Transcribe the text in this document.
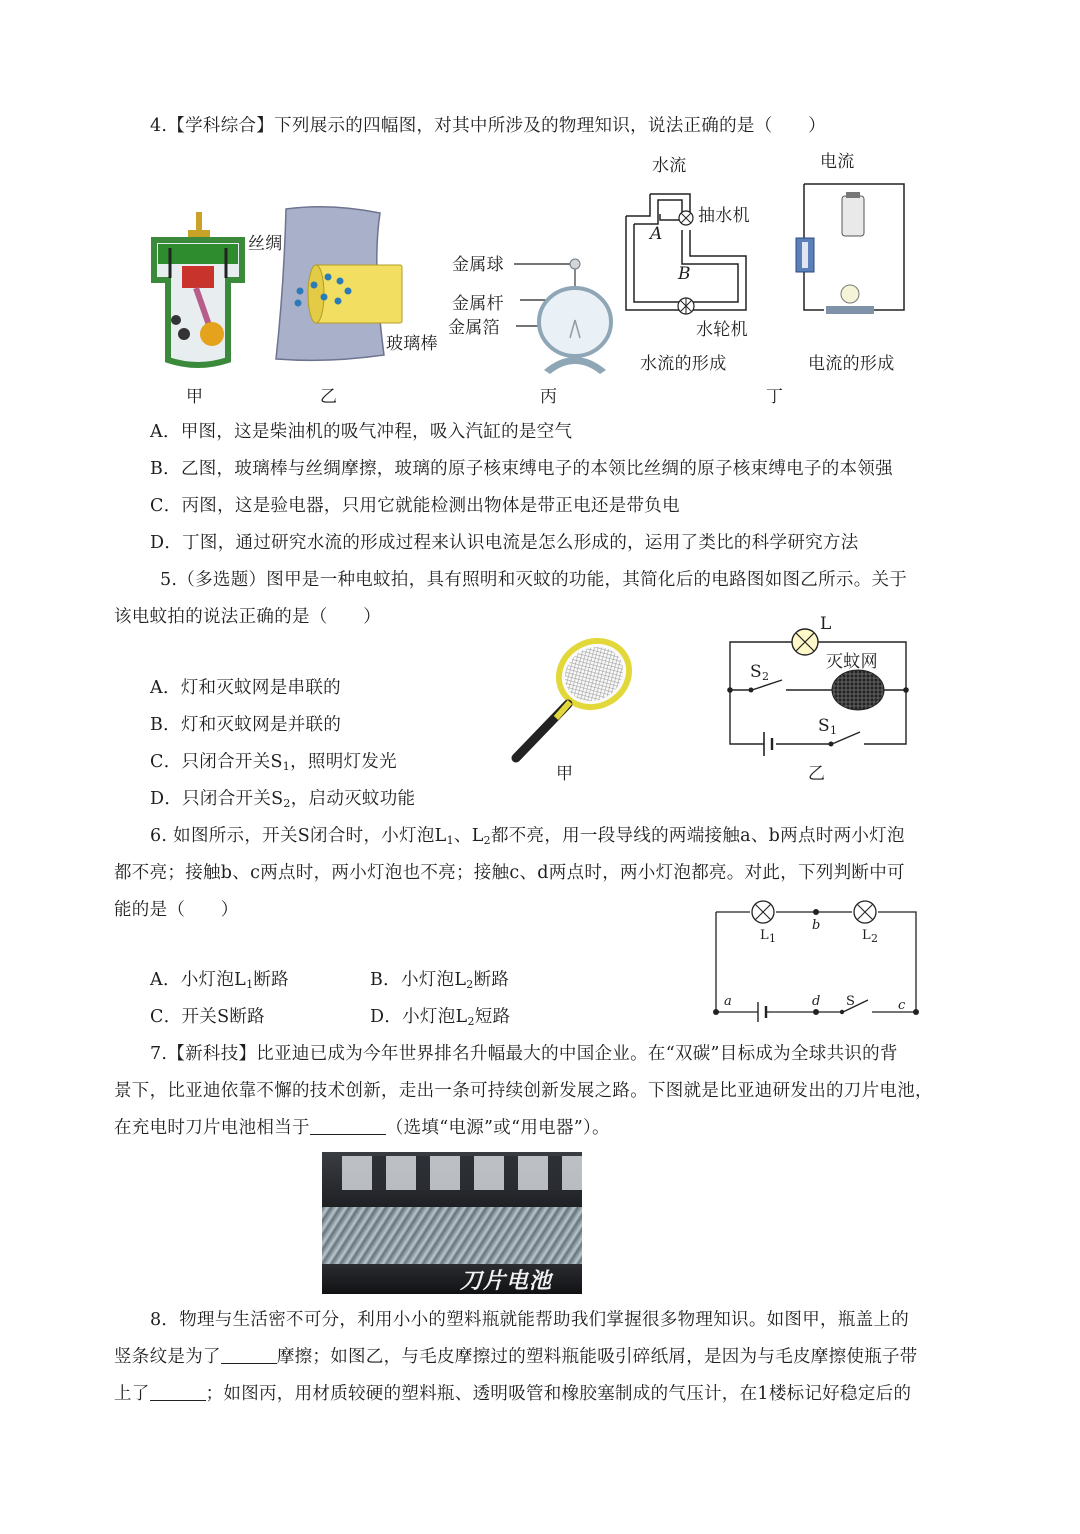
4.【学科综合】下列展示的四幅图，对其中所涉及的物理知识，说法正确的是（　　）
甲
丝绸
玻璃棒
乙
金属球
金属杆
金属箔
丙
水流
抽水机
A
B
水轮机
水流的形成
电流
电流的形成
丁
A．甲图，这是柴油机的吸气冲程，吸入汽缸的是空气
B．乙图，玻璃棒与丝绸摩擦，玻璃的原子核束缚电子的本领比丝绸的原子核束缚电子的本领强
C．丙图，这是验电器，只用它就能检测出物体是带正电还是带负电
D．丁图，通过研究水流的形成过程来认识电流是怎么形成的，运用了类比的科学研究方法
5.（多选题）图甲是一种电蚊拍，具有照明和灭蚊的功能，其简化后的电路图如图乙所示。关于
该电蚊拍的说法正确的是（　　）
A．灯和灭蚊网是串联的
B．灯和灭蚊网是并联的
C．只闭合开关$S_1$，照明灯发光
D．只闭合开关$S_2$，启动灭蚊功能
甲
L
灭蚊网
$S_2$
$S_1$
乙
6. 如图所示，开关S闭合时，小灯泡$L_1$、$L_2$都不亮，用一段导线的两端接触a、b两点时两小灯泡
都不亮；接触b、c两点时，两小灯泡也不亮；接触c、d两点时，两小灯泡都亮。对此，下列判断中可
能的是（　　）
A．小灯泡$L_1$断路	B．小灯泡$L_2$断路
C．开关S断路	D．小灯泡$L_2$短路
$L_1$	$L_2$
b
a	d S	c
7.【新科技】比亚迪已成为今年世界排名升幅最大的中国企业。在“双碳”目标成为全球共识的背
景下，比亚迪依靠不懈的技术创新，走出一条可持续创新发展之路。下图就是比亚迪研发出的刀片电池，
在充电时刀片电池相当于	（选填“电源”或“用电器”）。
刀片电池
8．物理与生活密不可分，利用小小的塑料瓶就能帮助我们掌握很多物理知识。如图甲，瓶盖上的
竖条纹是为了	摩擦；如图乙，与毛皮摩擦过的塑料瓶能吸引碎纸屑，是因为与毛皮摩擦使瓶子带
上了	；如图丙，用材质较硬的塑料瓶、透明吸管和橡胶塞制成的气压计，在1楼标记好稳定后的
